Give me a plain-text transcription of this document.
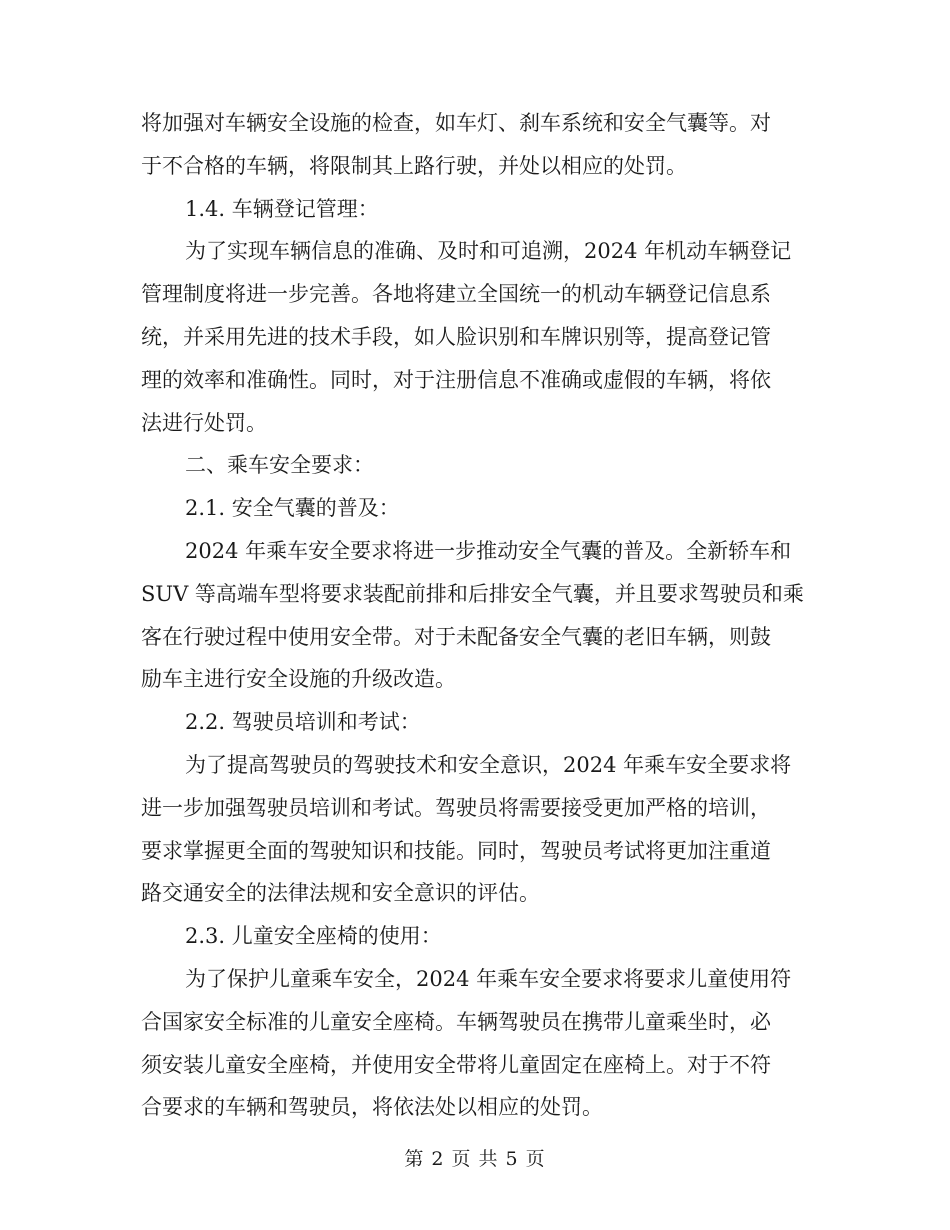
将加强对车辆安全设施的检查，如车灯、刹车系统和安全气囊等。对

于不合格的车辆，将限制其上路行驶，并处以相应的处罚。

1.4. 车辆登记管理：

为了实现车辆信息的准确、及时和可追溯，2024 年机动车辆登记

管理制度将进一步完善。各地将建立全国统一的机动车辆登记信息系

统，并采用先进的技术手段，如人脸识别和车牌识别等，提高登记管

理的效率和准确性。同时，对于注册信息不准确或虚假的车辆，将依

法进行处罚。

二、乘车安全要求：

2.1. 安全气囊的普及：

2024 年乘车安全要求将进一步推动安全气囊的普及。全新轿车和

SUV 等高端车型将要求装配前排和后排安全气囊，并且要求驾驶员和乘

客在行驶过程中使用安全带。对于未配备安全气囊的老旧车辆，则鼓

励车主进行安全设施的升级改造。

2.2. 驾驶员培训和考试：

为了提高驾驶员的驾驶技术和安全意识，2024 年乘车安全要求将

进一步加强驾驶员培训和考试。驾驶员将需要接受更加严格的培训，

要求掌握更全面的驾驶知识和技能。同时，驾驶员考试将更加注重道

路交通安全的法律法规和安全意识的评估。

2.3. 儿童安全座椅的使用：

为了保护儿童乘车安全，2024 年乘车安全要求将要求儿童使用符

合国家安全标准的儿童安全座椅。车辆驾驶员在携带儿童乘坐时，必

须安装儿童安全座椅，并使用安全带将儿童固定在座椅上。对于不符

合要求的车辆和驾驶员，将依法处以相应的处罚。

第 2 页 共 5 页
